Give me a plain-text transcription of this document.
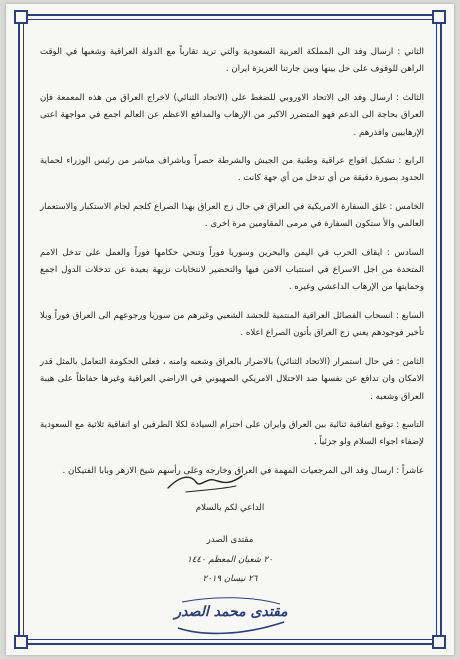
الثاني : ارسال وفد الى المملكة العربية السعودية والتي تريد تقارباً مع الدولة العراقية وشعبها في الوقت الراهن للوقوف على حل بينها وبين جارتنا العزيزة ايران .

الثالث : ارسال وفد الى الاتحاد الاوروبي للضغط على (الاتحاد الثنائي) لاخراج العراق من هذه المعمعة فإن العراق بحاجة الى الدعم فهو المتضرر الاكبر من الإرهاب والمدافع الاعظم عن العالم اجمع في مواجهة اعتى الإرهابيين وافذرهم .

الرابع : تشكيل افواج عراقية وطنية من الجيش والشرطة حصراً وباشراف مباشر من رئيس الوزراء لحماية الحدود بصورة دقيقة من أي تدخل من أي جهة كانت .

الخامس : غلق السفارة الامريكية في العراق في حال زج العراق بهذا الصراع كلجم لجام الاستكبار والاستعمار العالمي والأ ستكون السفارة في مرمى المقاومين مرة اخرى .

السادس : ايقاف الحرب في اليمن والبحرين وسوريا فوراً وتنحي حكامها فوراً والعمل على تدخل الامم المتحدة من اجل الاسراع في استتباب الامن فيها والتحضير لانتخابات نزيهة بعيدة عن تدخلات الدول اجمع وحمايتها من الإرهاب الداعشي وغيره .

السابع : انسحاب الفصائل العراقية المنتمية للحشد الشعبي وغيرهم من سوريا ورجوعهم الى العراق فوراً وبلا تأخير فوجودهم يعني زج العراق بأتون الصراع اعلاه .

الثامن : في حال استمرار (الاتحاد الثنائي) بالاضرار بالعراق وشعبه وامنه ، فعلى الحكومة التعامل بالمثل قدر الامكان وان تدافع عن نفسها ضد الاحتلال الامريكي الصهيوني في الاراضي العراقية وغيرها حفاظاً على هيبة العراق وشعبه .

التاسع : توقيع اتفاقية ثنائية بين العراق وايران على احترام السيادة لكلا الطرفين او اتفاقية ثلاثية مع السعودية لإضفاء اجواء السلام ولو جزئياً .

عاشراً : ارسال وفد الى المرجعيات المهمة في العراق وخارجه وعلى رأسهم شيخ الازهر وبابا الفتيكان .

الداعي لكم بالسلام
مقتدى الصدر
٢٠ شعبان المعظم ١٤٤٠
٢٦ نيسان ٢٠١٩
مقتدى محمد الصدر
